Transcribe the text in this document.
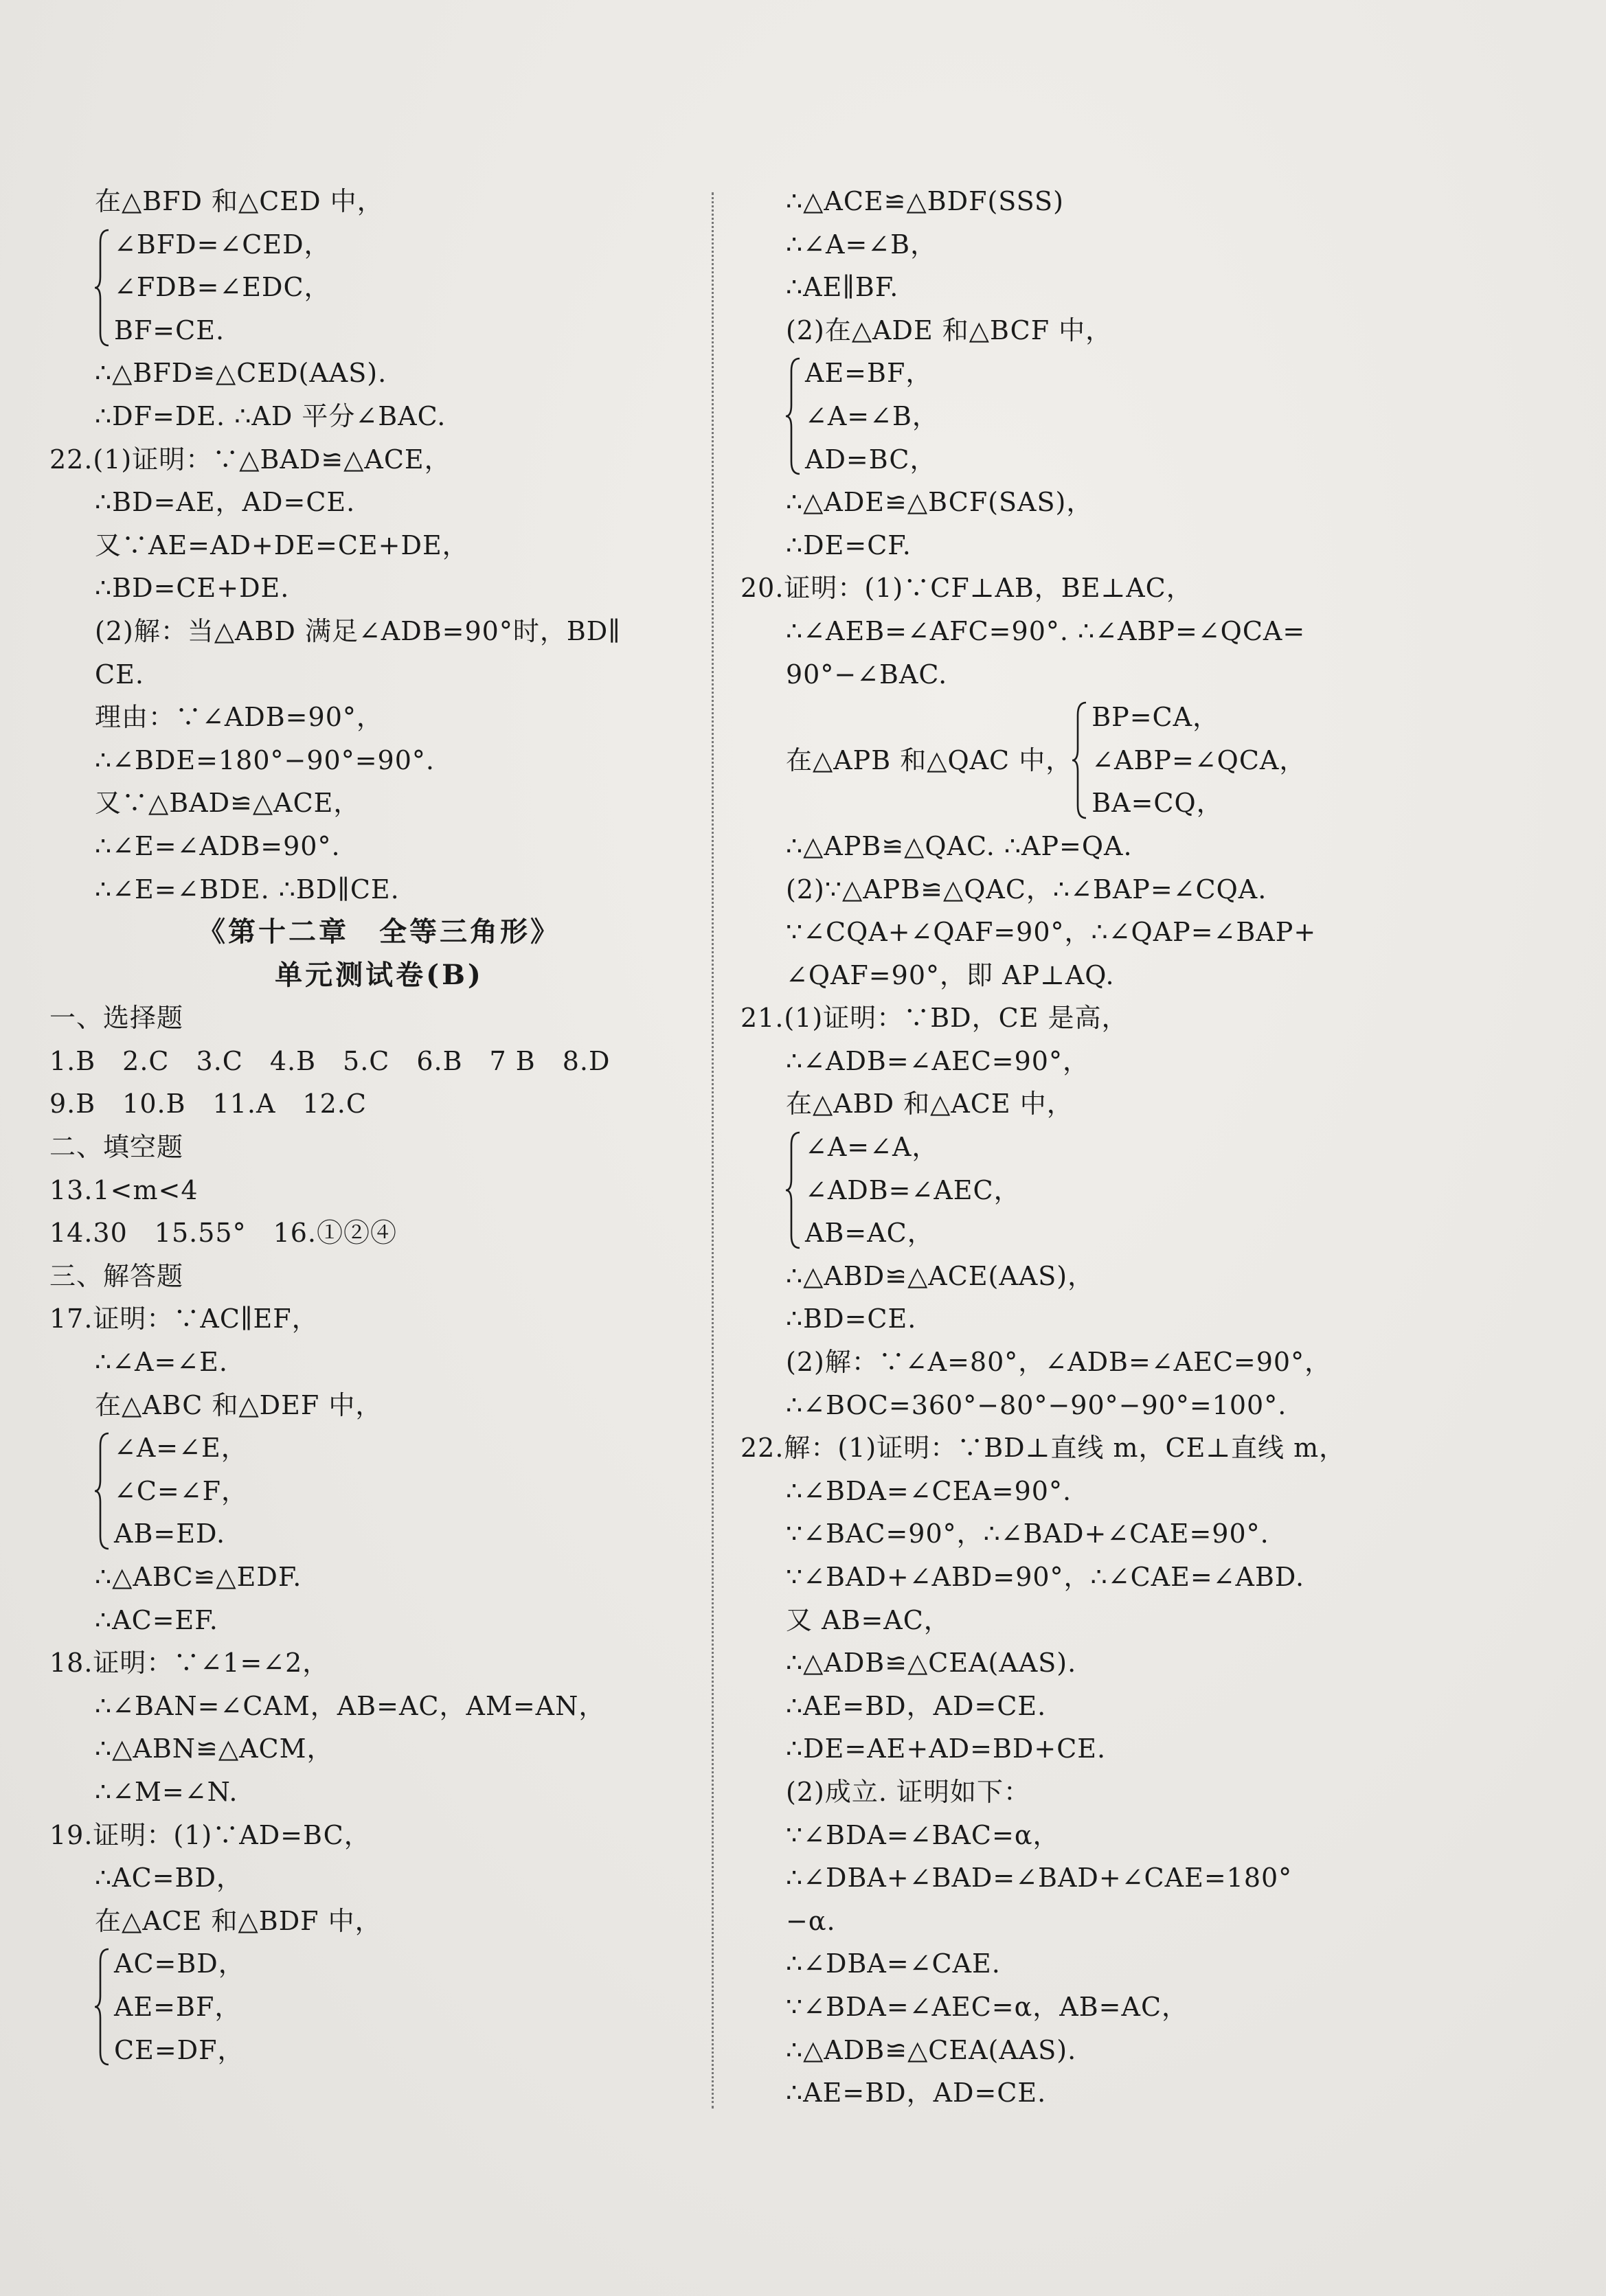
在△BFD 和△CED 中，
∠BFD=∠CED，
∠FDB=∠EDC，
BF=CE.
∴△BFD≌△CED(AAS).
∴DF=DE. ∴AD 平分∠BAC.
22.(1)证明：∵△BAD≌△ACE，
∴BD=AE，AD=CE.
又∵AE=AD+DE=CE+DE，
∴BD=CE+DE.
(2)解：当△ABD 满足∠ADB=90°时，BD∥
CE.
理由：∵∠ADB=90°，
∴∠BDE=180°−90°=90°.
又∵△BAD≌△ACE，
∴∠E=∠ADB=90°.
∴∠E=∠BDE. ∴BD∥CE.
《第十二章　全等三角形》
单元测试卷(B)
一、选择题
1.B　2.C　3.C　4.B　5.C　6.B　7 B　8.D
9.B　10.B　11.A　12.C
二、填空题
13.1<m<4
14.30　15.55°　16.①②④
三、解答题
17.证明：∵AC∥EF，
∴∠A=∠E.
在△ABC 和△DEF 中，
∠A=∠E，
∠C=∠F，
AB=ED.
∴△ABC≌△EDF.
∴AC=EF.
18.证明：∵∠1=∠2，
∴∠BAN=∠CAM，AB=AC，AM=AN，
∴△ABN≌△ACM，
∴∠M=∠N.
19.证明：(1)∵AD=BC，
∴AC=BD，
在△ACE 和△BDF 中，
AC=BD，
AE=BF，
CE=DF，
∴△ACE≌△BDF(SSS)
∴∠A=∠B，
∴AE∥BF.
(2)在△ADE 和△BCF 中，
AE=BF，
∠A=∠B，
AD=BC，
∴△ADE≌△BCF(SAS)，
∴DE=CF.
20.证明：(1)∵CF⊥AB，BE⊥AC，
∴∠AEB=∠AFC=90°. ∴∠ABP=∠QCA=
90°−∠BAC.
在△APB 和△QAC 中，
BP=CA，
∠ABP=∠QCA，
BA=CQ，
∴△APB≌△QAC. ∴AP=QA.
(2)∵△APB≌△QAC，∴∠BAP=∠CQA.
∵∠CQA+∠QAF=90°，∴∠QAP=∠BAP+
∠QAF=90°，即 AP⊥AQ.
21.(1)证明：∵BD，CE 是高，
∴∠ADB=∠AEC=90°，
在△ABD 和△ACE 中，
∠A=∠A，
∠ADB=∠AEC，
AB=AC，
∴△ABD≌△ACE(AAS)，
∴BD=CE.
(2)解：∵∠A=80°，∠ADB=∠AEC=90°，
∴∠BOC=360°−80°−90°−90°=100°.
22.解：(1)证明：∵BD⊥直线 m，CE⊥直线 m，
∴∠BDA=∠CEA=90°.
∵∠BAC=90°，∴∠BAD+∠CAE=90°.
∵∠BAD+∠ABD=90°，∴∠CAE=∠ABD.
又 AB=AC，
∴△ADB≌△CEA(AAS).
∴AE=BD，AD=CE.
∴DE=AE+AD=BD+CE.
(2)成立. 证明如下：
∵∠BDA=∠BAC=α，
∴∠DBA+∠BAD=∠BAD+∠CAE=180°
−α.
∴∠DBA=∠CAE.
∵∠BDA=∠AEC=α，AB=AC，
∴△ADB≌△CEA(AAS).
∴AE=BD，AD=CE.
